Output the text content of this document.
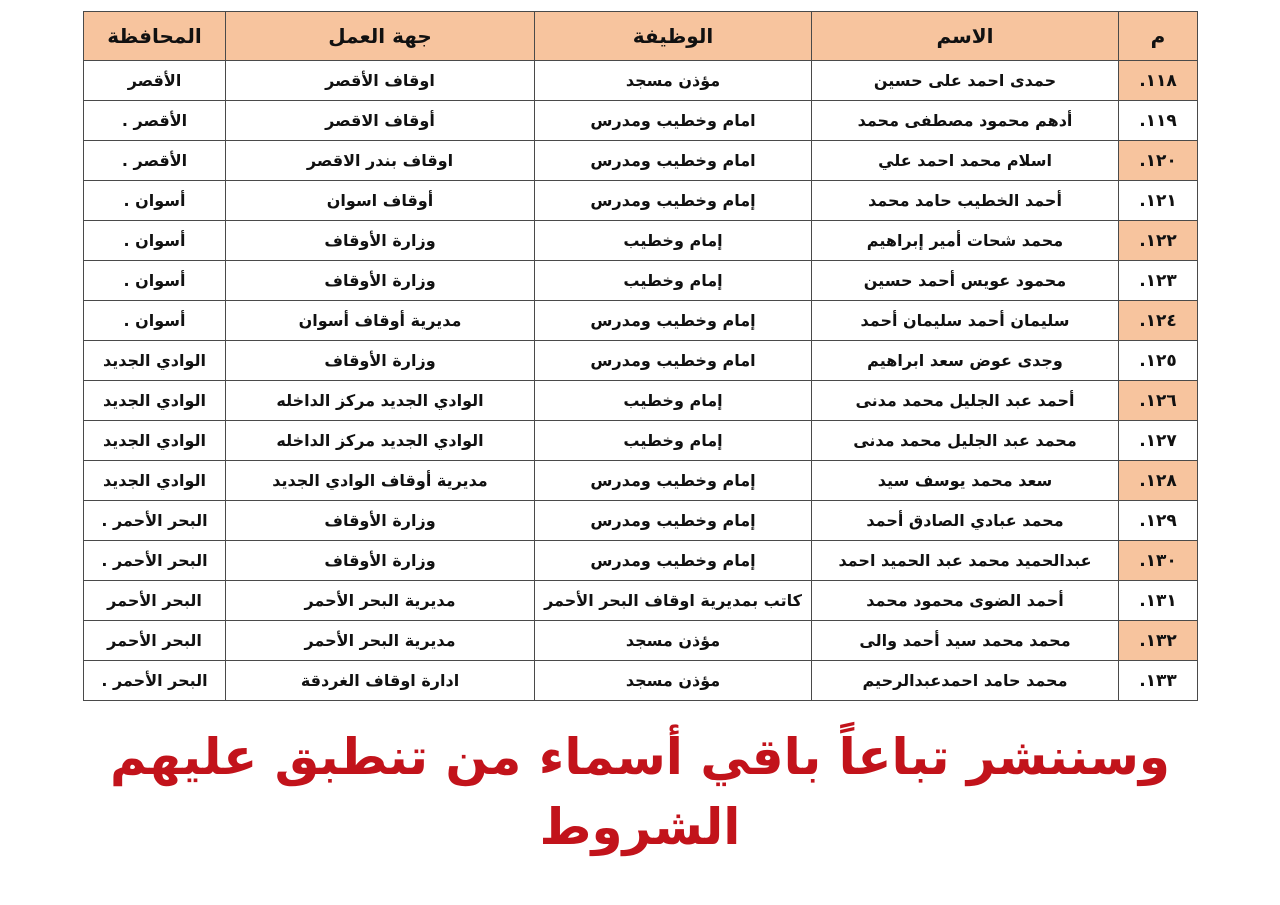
م	الاسم	الوظيفة	جهة العمل	المحافظة
١١٨.	حمدى احمد على حسين	مؤذن مسجد	اوقاف الأقصر	الأقصر
١١٩.	أدهم محمود مصطفى محمد	امام وخطيب ومدرس	أوقاف الاقصر	الأقصر .
١٢٠.	اسلام محمد احمد علي	امام وخطيب ومدرس	اوقاف بندر الاقصر	الأقصر .
١٢١.	أحمد الخطيب حامد محمد	إمام وخطيب ومدرس	أوقاف اسوان	أسوان .
١٢٢.	محمد شحات أمير إبراهيم	إمام وخطيب	وزارة الأوقاف	أسوان .
١٢٣.	محمود عويس أحمد حسين	إمام وخطيب	وزارة الأوقاف	أسوان .
١٢٤.	سليمان أحمد سليمان أحمد	إمام وخطيب ومدرس	مديرية أوقاف أسوان	أسوان .
١٢٥.	وجدى عوض سعد ابراهيم	امام وخطيب ومدرس	وزارة الأوقاف	الوادي الجديد
١٢٦.	أحمد عبد الجليل محمد مدنى	إمام وخطيب	الوادي الجديد مركز الداخله	الوادي الجديد
١٢٧.	محمد عبد الجليل محمد مدنى	إمام وخطيب	الوادي الجديد مركز الداخله	الوادي الجديد
١٢٨.	سعد محمد يوسف سيد	إمام وخطيب ومدرس	مديرية أوقاف الوادي الجديد	الوادي الجديد
١٢٩.	محمد عبادي الصادق أحمد	إمام وخطيب ومدرس	وزارة الأوقاف	البحر الأحمر .
١٣٠.	عبدالحميد محمد عبد الحميد احمد	إمام وخطيب ومدرس	وزارة الأوقاف	البحر الأحمر .
١٣١.	أحمد الضوى محمود محمد	كاتب بمديرية اوقاف البحر الأحمر	مديرية البحر الأحمر	البحر الأحمر
١٣٢.	محمد محمد سيد أحمد والى	مؤذن مسجد	مديرية البحر الأحمر	البحر الأحمر
١٣٣.	محمد حامد احمدعبدالرحيم	مؤذن مسجد	ادارة اوقاف الغردقة	البحر الأحمر .
وسننشر تباعاً باقي أسماء من تنطبق عليهم الشروط
